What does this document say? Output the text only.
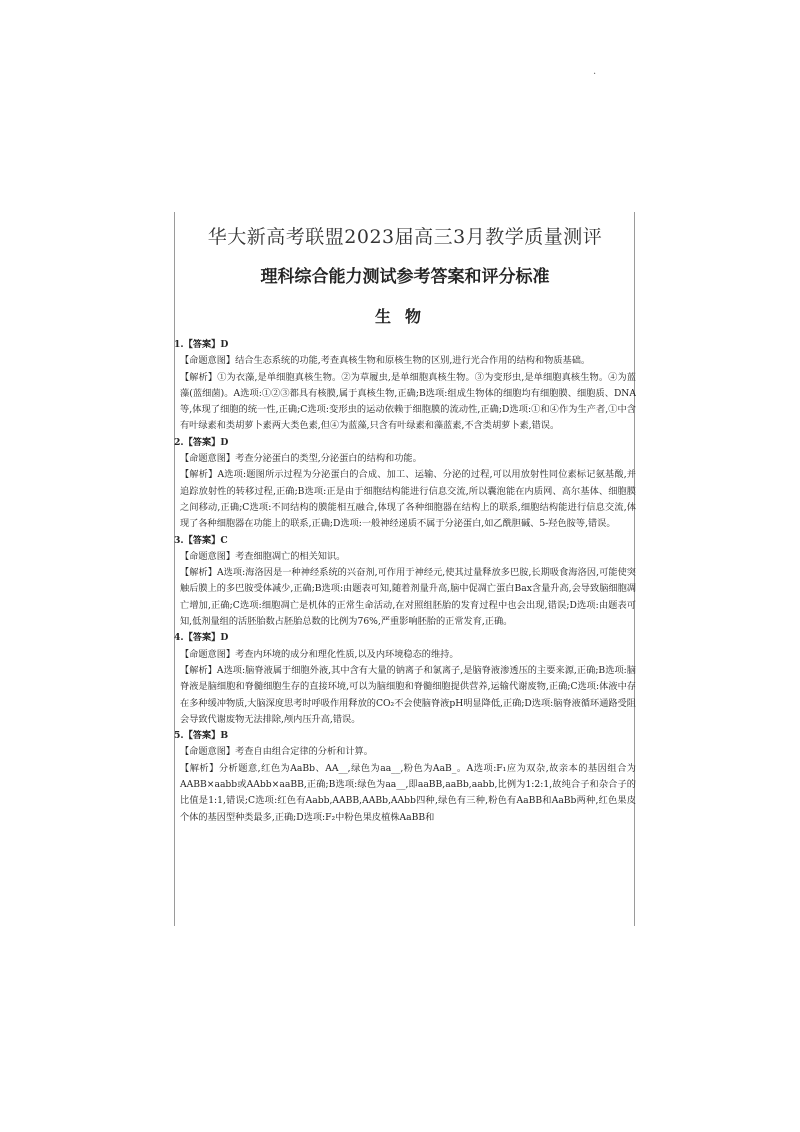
.
华大新高考联盟2023届高三3月教学质量测评
理科综合能力测试参考答案和评分标准
生物

1.【答案】D

【命题意图】结合生态系统的功能,考查真核生物和原核生物的区别,进行光合作用的结构和物质基础。

【解析】①为衣藻,是单细胞真核生物。②为草履虫,是单细胞真核生物。③为变形虫,是单细胞真核生物。④为蓝藻(蓝细菌)。A选项:①②③都具有核膜,属于真核生物,正确;B选项:组成生物体的细胞均有细胞膜、细胞质、DNA等,体现了细胞的统一性,正确;C选项:变形虫的运动依赖于细胞膜的流动性,正确;D选项:①和④作为生产者,①中含有叶绿素和类胡萝卜素两大类色素,但④为蓝藻,只含有叶绿素和藻蓝素,不含类胡萝卜素,错误。

2.【答案】D

【命题意图】考查分泌蛋白的类型,分泌蛋白的结构和功能。

【解析】A选项:题图所示过程为分泌蛋白的合成、加工、运输、分泌的过程,可以用放射性同位素标记氨基酸,并追踪放射性的转移过程,正确;B选项:正是由于细胞结构能进行信息交流,所以囊泡能在内质网、高尔基体、细胞膜之间移动,正确;C选项:不同结构的膜能相互融合,体现了各种细胞器在结构上的联系,细胞结构能进行信息交流,体现了各种细胞器在功能上的联系,正确;D选项:一般神经递质不属于分泌蛋白,如乙酰胆碱、5-羟色胺等,错误。

3.【答案】C

【命题意图】考查细胞凋亡的相关知识。

【解析】A选项:海洛因是一种神经系统的兴奋剂,可作用于神经元,使其过量释放多巴胺,长期吸食海洛因,可能使突触后膜上的多巴胺受体减少,正确;B选项:由题表可知,随着剂量升高,脑中促凋亡蛋白Bax含量升高,会导致脑细胞凋亡增加,正确;C选项:细胞凋亡是机体的正常生命活动,在对照组胚胎的发育过程中也会出现,错误;D选项:由题表可知,低剂量组的活胚胎数占胚胎总数的比例为76%,严重影响胚胎的正常发育,正确。

4.【答案】D

【命题意图】考查内环境的成分和理化性质,以及内环境稳态的维持。

【解析】A选项:脑脊液属于细胞外液,其中含有大量的钠离子和氯离子,是脑脊液渗透压的主要来源,正确;B选项:脑脊液是脑细胞和脊髓细胞生存的直接环境,可以为脑细胞和脊髓细胞提供营养,运输代谢废物,正确;C选项:体液中存在多种缓冲物质,大脑深度思考时呼吸作用释放的CO₂不会使脑脊液pH明显降低,正确;D选项:脑脊液循环通路受阻会导致代谢废物无法排除,颅内压升高,错误。

5.【答案】B

【命题意图】考查自由组合定律的分析和计算。

【解析】分析题意,红色为AaBb、AA__,绿色为aa__,粉色为AaB_。A选项:F₁应为双杂,故亲本的基因组合为AABB×aabb或AAbb×aaBB,正确;B选项:绿色为aa__,即aaBB,aaBb,aabb,比例为1:2:1,故纯合子和杂合子的比值是1:1,错误;C选项:红色有Aabb,AABB,AABb,AAbb四种,绿色有三种,粉色有AaBB和AaBb两种,红色果皮个体的基因型种类最多,正确;D选项:F₂中粉色果皮植株AaBB和
